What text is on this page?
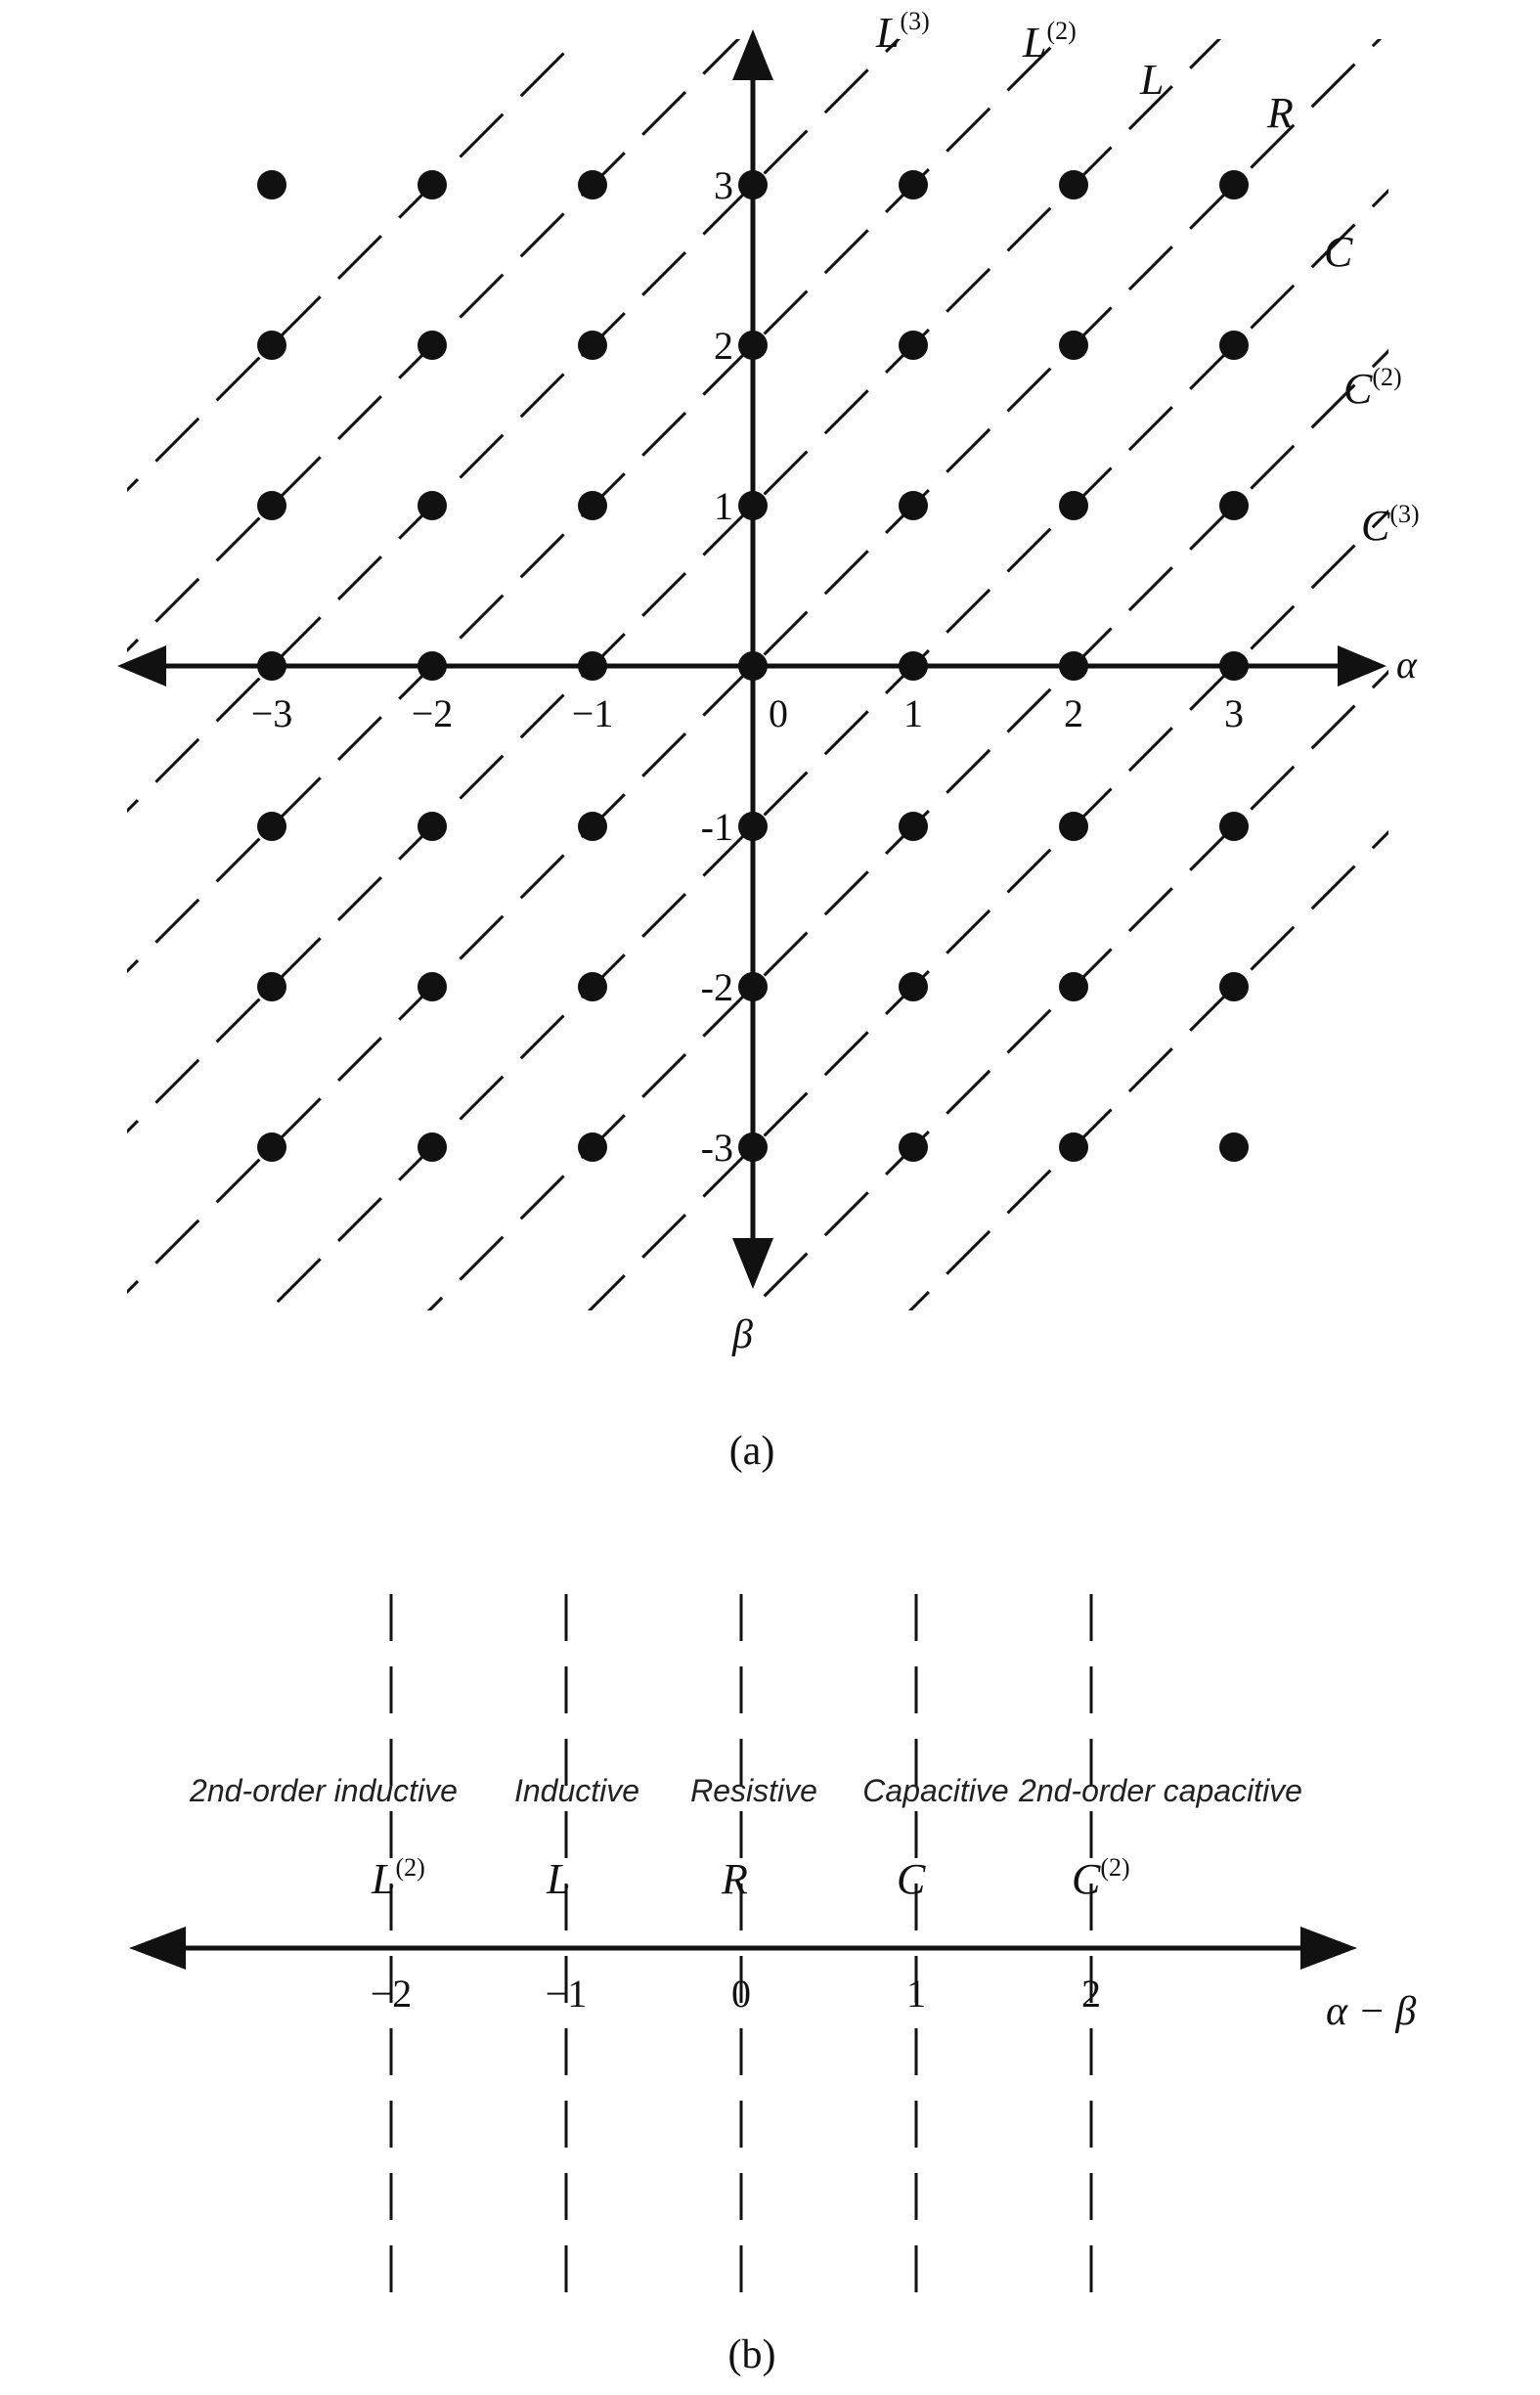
−3	−2	−1	1	2	3
0
3
2
1
-1
-2
-3
$L^{(3)}$ $L^{(2)}$
L
R
C
$C^{(2)}$
$C^{(3)}$
α
β
(a)
2nd-order inductive Inductive Resistive Capacitive 2nd-order capacitive
$L^{(2)}$	L	R	C	$C^{(2)}$
−2	−1	0	1	2	α − β
(b)
